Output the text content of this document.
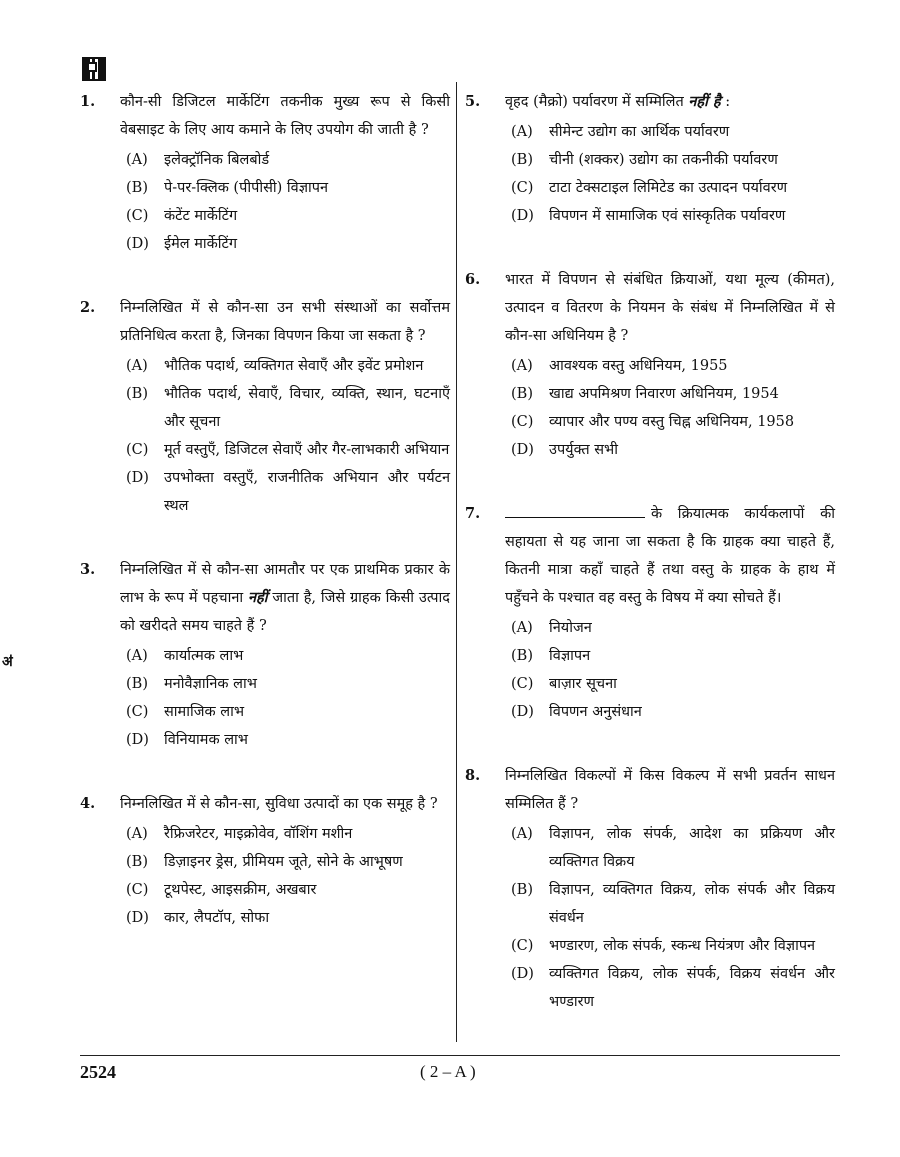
ॳ
1.	कौन-सी डिजिटल मार्केटिंग तकनीक मुख्य रूप से किसी वेबसाइट के लिए आय कमाने के लिए उपयोग की जाती है ?
(A) इलेक्ट्रॉनिक बिलबोर्ड
(B) पे-पर-क्लिक (पीपीसी) विज्ञापन
(C) कंटेंट मार्केटिंग
(D) ईमेल मार्केटिंग
2.	निम्नलिखित में से कौन-सा उन सभी संस्थाओं का सर्वोत्तम प्रतिनिधित्व करता है, जिनका विपणन किया जा सकता है ?
(A) भौतिक पदार्थ, व्यक्तिगत सेवाएँ और इवेंट प्रमोशन
(B) भौतिक पदार्थ, सेवाएँ, विचार, व्यक्ति, स्थान, घटनाएँ और सूचना
(C) मूर्त वस्तुएँ, डिजिटल सेवाएँ और गैर-लाभकारी अभियान
(D) उपभोक्ता वस्तुएँ, राजनीतिक अभियान और पर्यटन स्थल
3.	निम्नलिखित में से कौन-सा आमतौर पर एक प्राथमिक प्रकार के लाभ के रूप में पहचाना नहीं जाता है, जिसे ग्राहक किसी उत्पाद को खरीदते समय चाहते हैं ?
(A) कार्यात्मक लाभ
(B) मनोवैज्ञानिक लाभ
(C) सामाजिक लाभ
(D) विनियामक लाभ
4.	निम्नलिखित में से कौन-सा, सुविधा उत्पादों का एक समूह है ?
(A) रैफ्रिजरेटर, माइक्रोवेव, वॉशिंग मशीन
(B) डिज़ाइनर ड्रेस, प्रीमियम जूते, सोने के आभूषण
(C) टूथपेस्ट, आइसक्रीम, अखबार
(D) कार, लैपटॉप, सोफा
5.	वृहद (मैक्रो) पर्यावरण में सम्मिलित नहीं है :
(A) सीमेन्ट उद्योग का आर्थिक पर्यावरण
(B) चीनी (शक्कर) उद्योग का तकनीकी पर्यावरण
(C) टाटा टेक्सटाइल लिमिटेड का उत्पादन पर्यावरण
(D) विपणन में सामाजिक एवं सांस्कृतिक पर्यावरण
6.	भारत में विपणन से संबंधित क्रियाओं, यथा मूल्य (कीमत), उत्पादन व वितरण के नियमन के संबंध में निम्नलिखित में से कौन-सा अधिनियम है ?
(A) आवश्यक वस्तु अधिनियम, 1955
(B) खाद्य अपमिश्रण निवारण अधिनियम, 1954
(C) व्यापार और पण्य वस्तु चिह्न अधिनियम, 1958
(D) उपर्युक्त सभी
7.	के क्रियात्मक कार्यकलापों की सहायता से यह जाना जा सकता है कि ग्राहक क्या चाहते हैं, कितनी मात्रा कहाँ चाहते हैं तथा वस्तु के ग्राहक के हाथ में पहुँचने के पश्चात वह वस्तु के विषय में क्या सोचते हैं।
(A) नियोजन
(B) विज्ञापन
(C) बाज़ार सूचना
(D) विपणन अनुसंधान
8.	निम्नलिखित विकल्पों में किस विकल्प में सभी प्रवर्तन साधन सम्मिलित हैं ?
(A) विज्ञापन, लोक संपर्क, आदेश का प्रक्रियण और व्यक्तिगत विक्रय
(B) विज्ञापन, व्यक्तिगत विक्रय, लोक संपर्क और विक्रय संवर्धन
(C) भण्डारण, लोक संपर्क, स्कन्ध नियंत्रण और विज्ञापन
(D) व्यक्तिगत विक्रय, लोक संपर्क, विक्रय संवर्धन और भण्डारण
2524	( 2 – A )
